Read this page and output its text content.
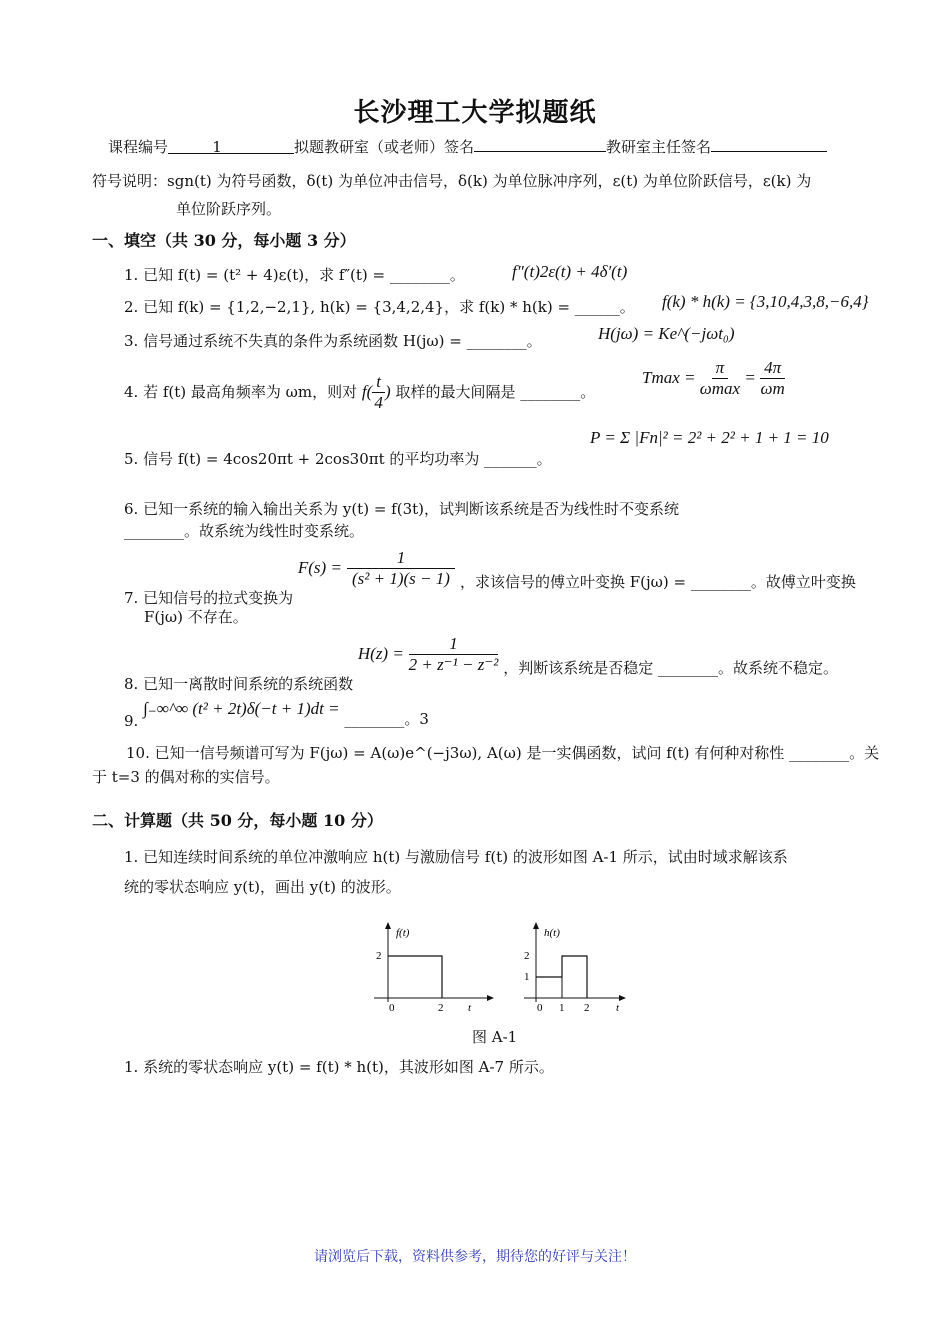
长沙理工大学拟题纸
课程编号	1	拟题教研室（或老师）签名	教研室主任签名
符号说明：sgn(t) 为符号函数，δ(t) 为单位冲击信号，δ(k) 为单位脉冲序列，ε(t) 为单位阶跃信号，ε(k) 为
单位阶跃序列。
一、填空（共 30 分，每小题 3 分）
1. 已知 f(t) = (t² + 4)ε(t)，求 f″(t) = ________。	f″(t)2ε(t) + 4δ′(t)
2. 已知 f(k) = {1,2,−2,1}, h(k) = {3,4,2,4}，求 f(k) * h(k) = ______。 f(k) * h(k) = {3,10,4,3,8,−6,4}
3. 信号通过系统不失真的条件为系统函数 H(jω) = ________。	H(jω) = Ke^(−jωt₀)
4. 若 f(t) 最高角频率为 ωm，则对 $f( \frac{t}{4}$ ) 取样的最大间隔是 ________。
$Tmax = \frac{\pi}{\omega\max} = \frac{4\pi}{\omega m}$
5. 信号 f(t) = 4cos20πt + 2cos30πt 的平均功率为 _______。
P = Σ |Fn|² = 2² + 2² + 1 + 1 = 10
6. 已知一系统的输入输出关系为 y(t) = f(3t)，试判断该系统是否为线性时不变系统
________。故系统为线性时变系统。
7. 已知信号的拉式变换为 $F(s) = \frac{1}{\text{(s² + 1)(s − 1)}}$ ，求该信号的傅立叶变换 F(jω) = ________。故傅立叶变换
F(jω) 不存在。
8. 已知一离散时间系统的系统函数 $H(z) = \frac{1}{\text{2 + z⁻¹ − z⁻²}}$ ，判断该系统是否稳定 ________。故系统不稳定。
9. ∫₋∞^∞ (t² + 2t)δ(−t + 1)dt = ________。3
10. 已知一信号频谱可写为 F(jω) = A(ω)e^(−j3ω), A(ω) 是一实偶函数，试问 f(t) 有何种对称性 ________。关
于 t=3 的偶对称的实信号。
二、计算题（共 50 分，每小题 10 分）
1. 已知连续时间系统的单位冲激响应 h(t) 与激励信号 f(t) 的波形如图 A-1 所示，试由时域求解该系
统的零状态响应 y(t)，画出 y(t) 的波形。
f(t)
2
0	2 t
h(t)
2
1
0 1 2 t
图 A-1
1. 系统的零状态响应 y(t) = f(t) * h(t)，其波形如图 A-7 所示。
请浏览后下载，资料供参考，期待您的好评与关注！
